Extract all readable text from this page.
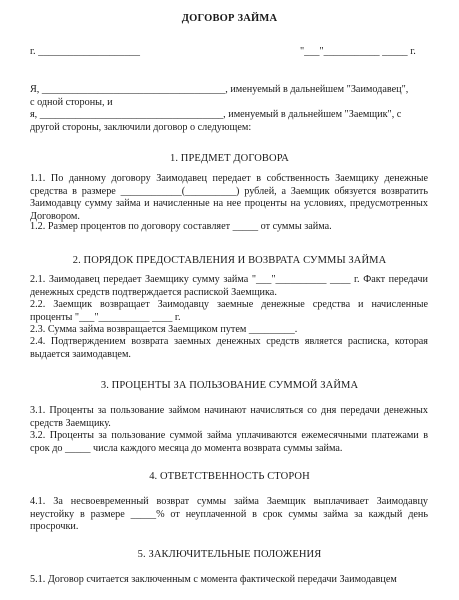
ДОГОВОР ЗАЙМА
г. ____________________	"___"___________ _____ г.
Я, ____________________________________, именуемый в дальнейшем "Заимодавец",
с одной стороны, и
я, ____________________________________, именуемый в дальнейшем "Заемщик", с
другой стороны, заключили договор о следующем:
1. ПРЕДМЕТ ДОГОВОРА
1.1. По данному договору Заимодавец передает в собственность Заемщику денежные средства в размере ____________(__________) рублей, а Заемщик обязуется возвратить Заимодавцу сумму займа и начисленные на нее проценты на условиях, предусмотренных Договором.
1.2. Размер процентов по договору составляет _____ от суммы займа.
2. ПОРЯДОК ПРЕДОСТАВЛЕНИЯ И ВОЗВРАТА СУММЫ ЗАЙМА
2.1. Заимодавец передает Заемщику сумму займа "___"__________ ____ г. Факт передачи денежных средств подтверждается распиской Заемщика.
2.2. Заемщик возвращает Заимодавцу заемные денежные средства и начисленные проценты "___"__________ ____ г.
2.3. Сумма займа возвращается Заемщиком путем _________.
2.4. Подтверждением возврата заемных денежных средств является расписка, которая выдается заимодавцем.
3. ПРОЦЕНТЫ ЗА ПОЛЬЗОВАНИЕ СУММОЙ ЗАЙМА
3.1. Проценты за пользование займом начинают начисляться со дня передачи денежных средств Заемщику.
3.2. Проценты за пользование суммой займа уплачиваются ежемесячными платежами в срок до _____ числа каждого месяца до момента возврата суммы займа.
4. ОТВЕТСТВЕННОСТЬ СТОРОН
4.1. За несвоевременный возврат суммы займа Заемщик выплачивает Заимодавцу неустойку в размере _____% от неуплаченной в срок суммы займа за каждый день просрочки.
5. ЗАКЛЮЧИТЕЛЬНЫЕ ПОЛОЖЕНИЯ
5.1. Договор считается заключенным с момента фактической передачи Заимодавцем
